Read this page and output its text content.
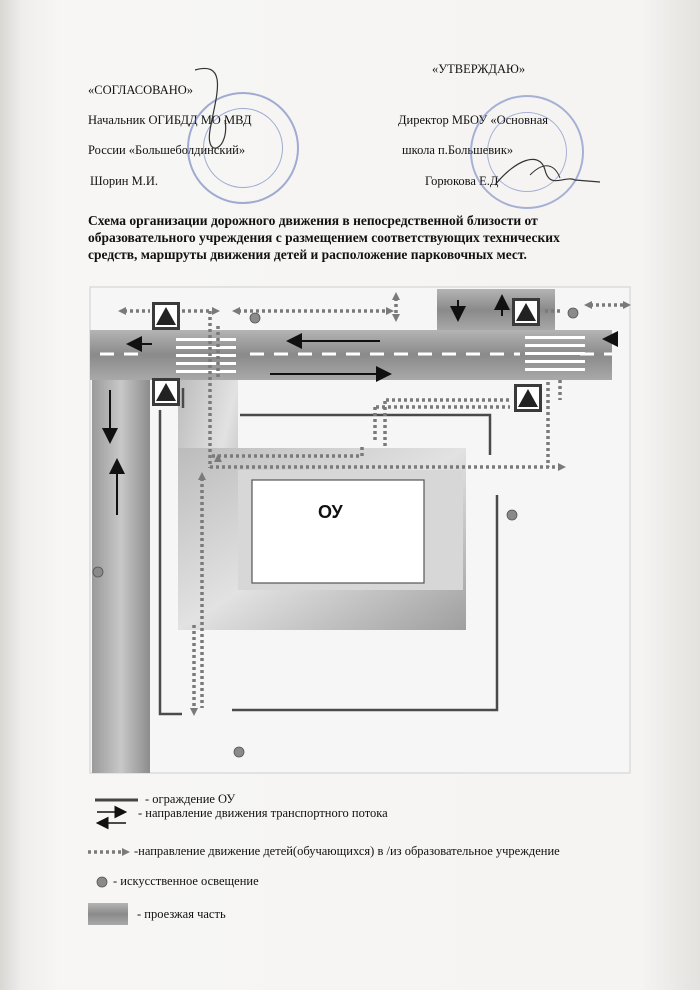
«СОГЛАСОВАНО»
Начальник ОГИБДД МО МВД
России «Большеболдинский»
Шорин М.И.
«УТВЕРЖДАЮ»
Директор МБОУ «Основная
школа п.Большевик»
Горюкова Е.Д
Схема организации дорожного движения в непосредственной близости от
образовательного учреждения с размещением соответствующих технических
средств, маршруты движения детей и расположение парковочных мест.
ОУ
- ограждение ОУ
- направление движения транспортного потока
-направление движение детей(обучающихся) в /из образовательное учреждение
- искусственное освещение
- проезжая часть
